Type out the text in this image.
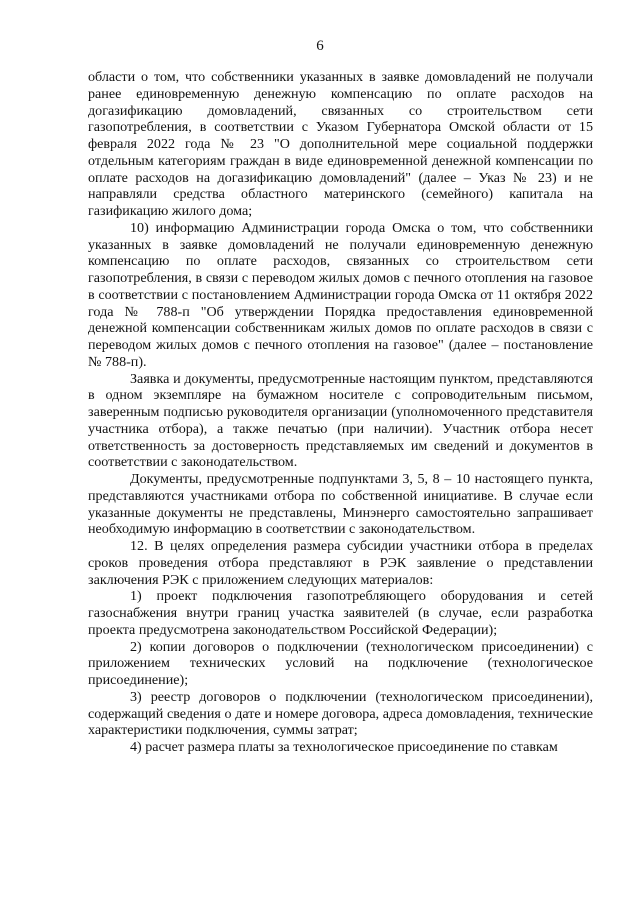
6

области о том, что собственники указанных в заявке домовладений не получали ранее единовременную денежную компенсацию по оплате расходов на догазификацию домовладений, связанных со строительством сети газопотребления, в соответствии с Указом Губернатора Омской области от 15 февраля 2022 года № 23 "О дополнительной мере социальной поддержки отдельным категориям граждан в виде единовременной денежной компенсации по оплате расходов на догазификацию домовладений" (далее – Указ № 23) и не направляли средства областного материнского (семейного) капитала на газификацию жилого дома;

10) информацию Администрации города Омска о том, что собственники указанных в заявке домовладений не получали единовременную денежную компенсацию по оплате расходов, связанных со строительством сети газопотребления, в связи с переводом жилых домов с печного отопления на газовое в соответствии с постановлением Администрации города Омска от 11 октября 2022 года № 788-п "Об утверждении Порядка предоставления единовременной денежной компенсации собственникам жилых домов по оплате расходов в связи с переводом жилых домов с печного отопления на газовое" (далее – постановление № 788-п).

Заявка и документы, предусмотренные настоящим пунктом, представляются в одном экземпляре на бумажном носителе с сопроводительным письмом, заверенным подписью руководителя организации (уполномоченного представителя участника отбора), а также печатью (при наличии). Участник отбора несет ответственность за достоверность представляемых им сведений и документов в соответствии с законодательством.

Документы, предусмотренные подпунктами 3, 5, 8 – 10 настоящего пункта, представляются участниками отбора по собственной инициативе. В случае если указанные документы не представлены, Минэнерго самостоятельно запрашивает необходимую информацию в соответствии с законодательством.

12. В целях определения размера субсидии участники отбора в пределах сроков проведения отбора представляют в РЭК заявление о представлении заключения РЭК с приложением следующих материалов:

1) проект подключения газопотребляющего оборудования и сетей газоснабжения внутри границ участка заявителей (в случае, если разработка проекта предусмотрена законодательством Российской Федерации);

2) копии договоров о подключении (технологическом присоединении) с приложением технических условий на подключение (технологическое присоединение);

3) реестр договоров о подключении (технологическом присоединении), содержащий сведения о дате и номере договора, адреса домовладения, технические характеристики подключения, суммы затрат;

4) расчет размера платы за технологическое присоединение по ставкам
